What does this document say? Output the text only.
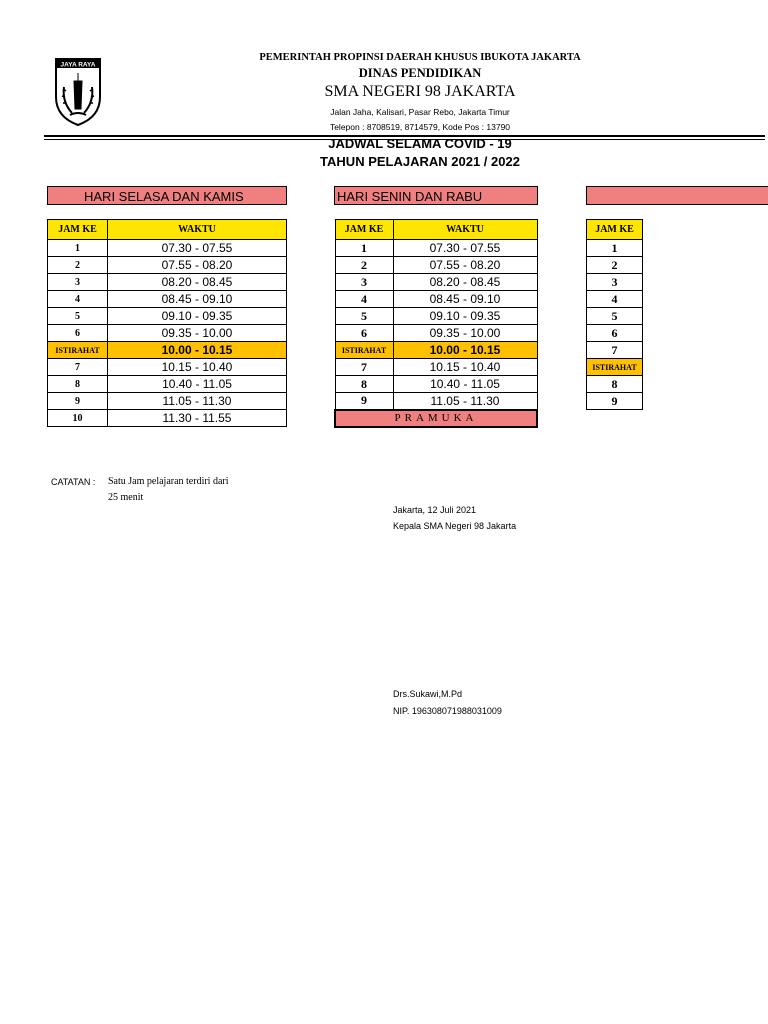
JAYA RAYA
PEMERINTAH PROPINSI DAERAH KHUSUS IBUKOTA JAKARTA
DINAS PENDIDIKAN
SMA NEGERI 98 JAKARTA
Jalan Jaha, Kalisari, Pasar Rebo, Jakarta Timur
Telepon : 8708519, 8714579, Kode Pos : 13790
JADWAL SELAMA COVID - 19
TAHUN PELAJARAN 2021 / 2022
HARI SELASA DAN KAMIS
JAM KE	WAKTU
1	07.30 - 07.55
2	07.55 - 08.20
3	08.20 - 08.45
4	08.45 - 09.10
5	09.10 - 09.35
6	09.35 - 10.00
ISTIRAHAT	10.00 - 10.15
7	10.15 - 10.40
8	10.40 - 11.05
9	11.05 - 11.30
10	11.30 - 11.55
HARI SENIN DAN RABU
JAM KE	WAKTU
1	07.30 - 07.55
2	07.55 - 08.20
3	08.20 - 08.45
4	08.45 - 09.10
5	09.10 - 09.35
6	09.35 - 10.00
ISTIRAHAT	10.00 - 10.15
7	10.15 - 10.40
8	10.40 - 11.05
9	11.05 - 11.30
PRAMUKA	
JAM KE
1
2
3
4
5
6
7
ISTIRAHAT
8
9
CATATAN : Satu Jam pelajaran terdiri dari
25 menit
Jakarta, 12 Juli 2021
Kepala SMA Negeri 98 Jakarta
Drs.Sukawi,M.Pd
NIP. 196308071988031009
